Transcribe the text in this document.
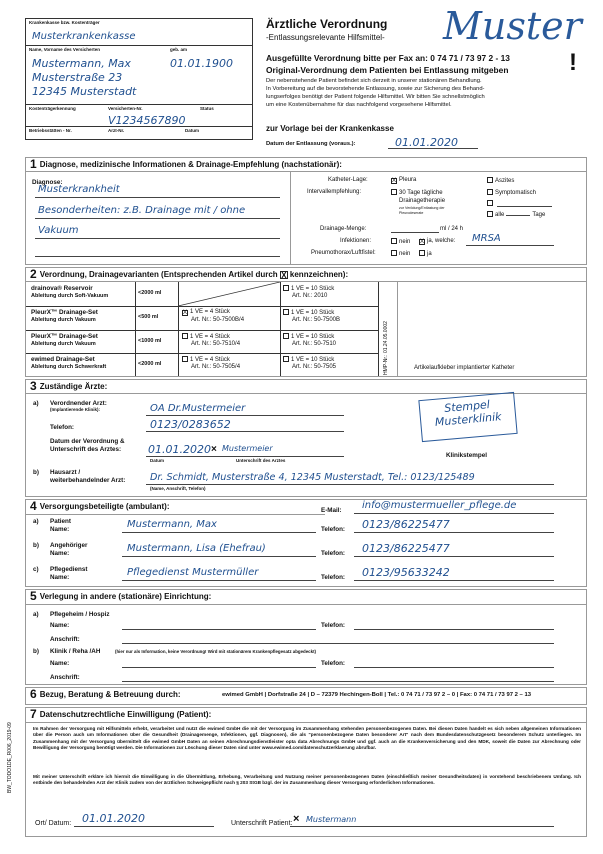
Krankenkasse bzw. Kostenträger
Musterkrankenkasse
Name, Vorname des Versicherten	geb. am
Mustermann, Max	01.01.1900
Musterstraße 23
12345 Musterstadt
Kostenträgerkennung	Versicherten-Nr.	Status
V1234567890
Betriebsstätten - Nr.	Arzt-Nr.	Datum
Ärztliche Verordnung
-Entlassungsrelevante Hilfsmittel- Muster
Ausgefüllte Verordnung bitte per Fax an: 0 74 71 / 73 97 2 - 13
Original-Verordnung dem Patienten bei Entlassung mitgeben	!
Der nebenstehende Patient befindet sich derzeit in unserer stationären Behandlung.
In Vorbereitung auf die bevorstehende Entlassung, sowie zur Sicherung des Behand-
lungserfolges benötigt der Patient folgende Hilfsmittel. Wir bitten Sie schnellstmöglich
um eine Kostenübernahme für das nachfolgend vorgesehene Hilfsmittel.
zur Vorlage bei der Krankenkasse
Datum der Entlassung (voraus.):	01.01.2020
1 Diagnose, medizinische Informationen & Drainage-Empfehlung (nachstationär):
Diagnose:
Musterkrankheit
Besonderheiten: z.B. Drainage mit / ohne
Vakuum
Katheter-Lage:	X Pleura	Aszites
Intervallempfehlung:	30 Tage tägliche
Drainagetherapie
zur Verödung/Entlastung der Pleurodeserate
Symptomatisch
alle	Tage
Drainage-Menge:	ml / 24 h
Infektionen:	nein X ja, welche: MRSA
Pneumothorax/Luftfistel:	nein	ja
2 Verordnung, Drainagevarianten (Entsprechenden Artikel durch X kennzeichnen):
drainova® Reservoir
Ableitung durch Soft-Vakuum	<2000 ml
1 VE = 10 Stück
Art. Nr.: 2010
PleurX™ Drainage-Set
Ableitung durch Vakuum	<500 ml
X 1 VE = 4 Stück
Art. Nr.: 50-7500B/4
1 VE = 10 Stück
Art. Nr.: 50-7500B
PleurX™ Drainage-Set
Ableitung durch Vakuum	<1000 ml
1 VE = 4 Stück
Art. Nr.: 50-7510/4
1 VE = 10 Stück
Art. Nr.: 50-7510
ewimed Drainage-Set
Ableitung durch Schwerkraft	<2000 ml
1 VE = 4 Stück
Art. Nr.: 50-7505/4
1 VE = 10 Stück
Art. Nr.: 50-7505	HMP-Nr.: 01.24.05.0002	Artikelaufkleber implantierter Katheter
3 Zuständige Ärzte:
a) Verordnender Arzt:
(Implantierende Klinik):	OA Dr.Mustermeier
Telefon:	0123/0283652
Datum der Verordnung &
Unterschrift des Arztes: 01.01.2020 × Mustermeier
Datum	Unterschrift des Arztes
Stempel
Musterklinik
Klinikstempel
b) Hausarzt /
weiterbehandelnder Arzt:	Dr. Schmidt, Musterstraße 4, 12345 Musterstadt, Tel.: 0123/125489
(Name, Anschrift, Telefon)
4 Versorgungsbeteiligte (ambulant):	E-Mail: info@mustermueller_pflege.de
a) Patient
Name:	Mustermann, Max	Telefon: 0123/86225477
b) Angehöriger
Name:	Mustermann, Lisa (Ehefrau)	Telefon: 0123/86225477
c) Pflegedienst
Name:	Pflegedienst Mustermüller	Telefon: 0123/95633242
5 Verlegung in andere (stationäre) Einrichtung:
a) Pflegeheim / Hospiz
Name:	Telefon:
Anschrift:
b) Klinik / Reha /AH	(hier nur als Information, keine Verordnung! Wird mit stationärem Krankenpflegesatz abgedeckt)
Name:	Telefon:
Anschrift:
6 Bezug, Beratung & Betreuung durch:	ewimed GmbH | Dorfstraße 24 | D – 72379 Hechingen-Boll | Tel.: 0 74 71 / 73 97 2 – 0 | Fax: 0 74 71 / 73 97 2 – 13
7 Datenschutzrechtliche Einwilligung (Patient):
Im Rahmen der Versorgung mit Hilfsmitteln erhebt, verarbeitet und nutzt die ewimed GmbH die mit der Versorgung im Zusammenhang stehenden personenbezogenen Daten. Bei diesen Daten handelt es sich neben allgemeinen Informationen über die Person auch um Informationen über die Gesundheit (Drainagemenge, Infektionen, ggf. Diagnosen), die als "personenbezogene Daten besonderer Art" nach dem Bundesdatenschutzgesetz besonderem Schutz unterliegen. Im Zusammenhang mit der Versorgung übermittelt die ewimed GmbH Daten an seinen Abrechnungsdienstleister opta data Abrechnungs GmbH und ggf. auch an die Krankenversicherung und den MDK, soweit die Daten zur Abrechnung oder Bewilligung der Versorgung benötigt werden. Die Informationen zur Löschung dieser Daten sind unter www.ewimed.com/datenschutzerklaerung abrufbar.
Mit meiner Unterschrift erkläre ich hiermit die Einwilligung in die Übermittlung, Erhebung, Verarbeitung und Nutzung meiner personenbezogenen Daten (einschließlich meiner Gesundheitsdaten) in vorstehend beschriebenem Umfang. Ich entbinde den behandelnden Arzt der Klinik zudem von der ärztlichen Schweigepflicht nach § 203 StGB bzgl. der im Zusammenhang dieser Versorgung erforderlichen Informationen.
Ort/ Datum: 01.01.2020	Unterschrift Patient: × Mustermann
BW_TODO1DE_R006_2019-09
